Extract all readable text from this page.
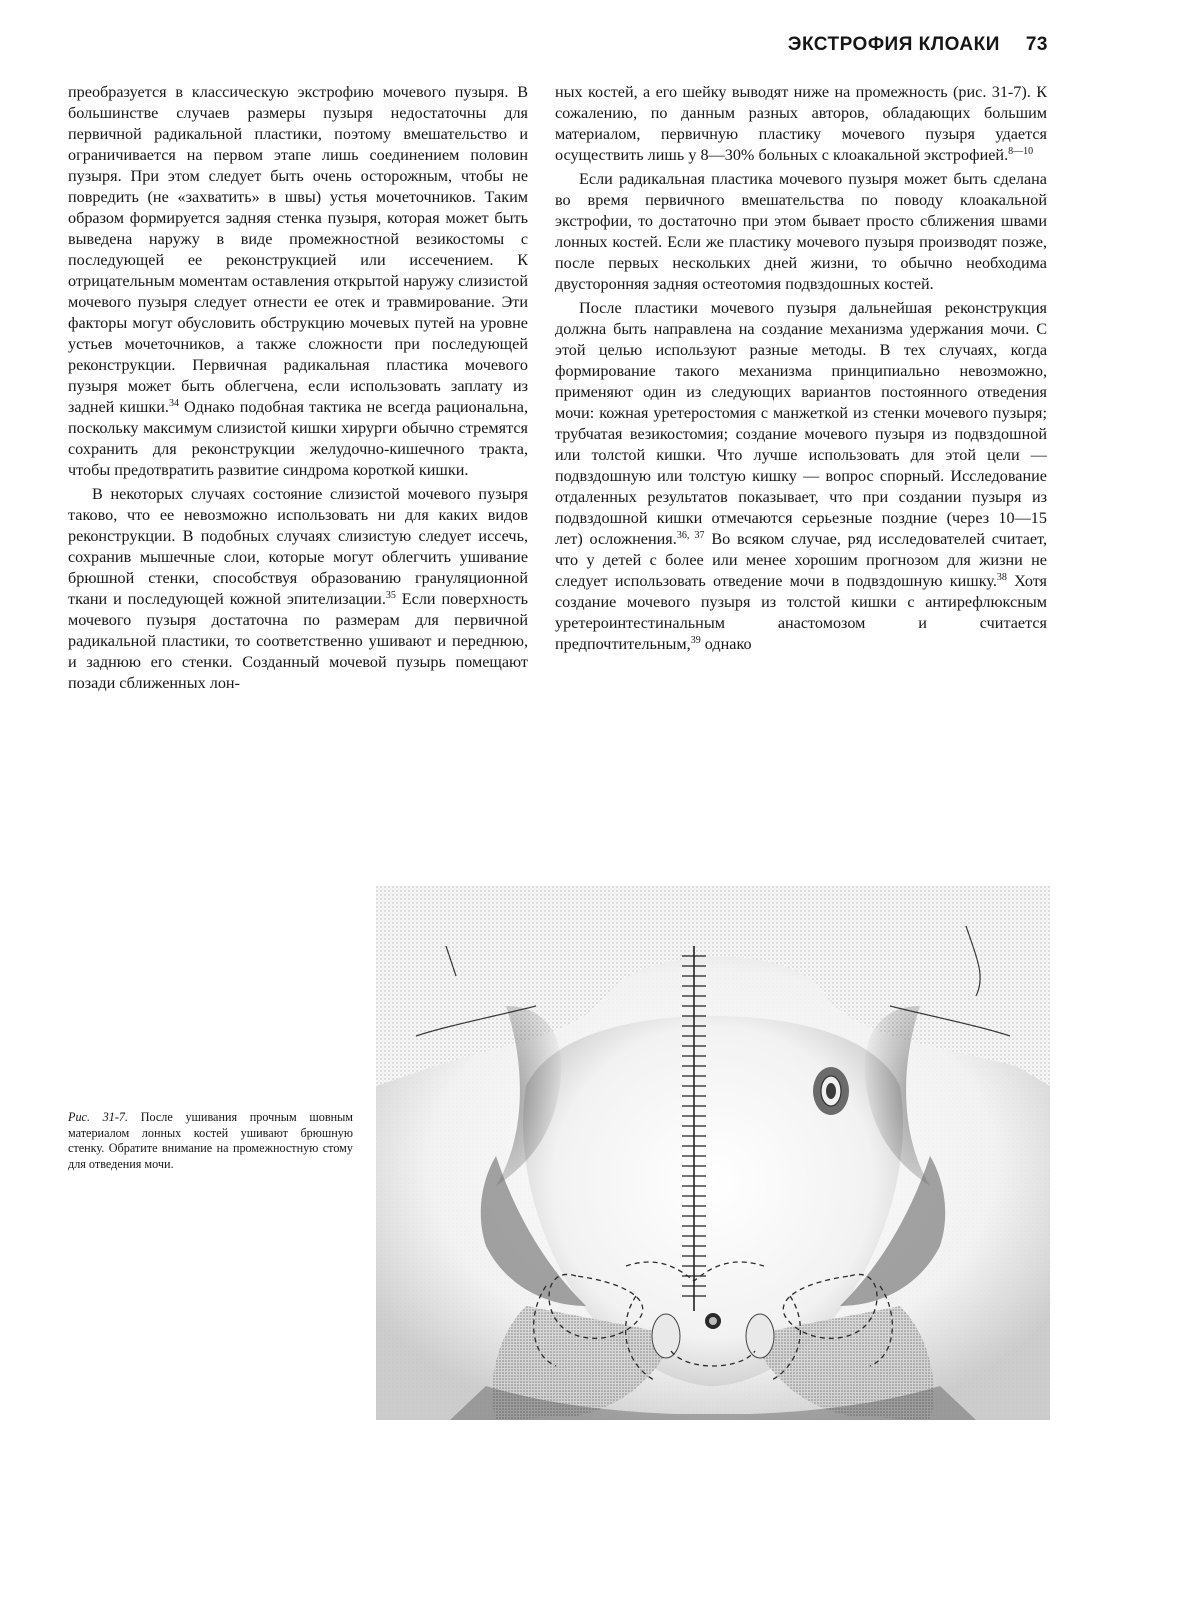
ЭКСТРОФИЯ КЛОАКИ 73

преобразуется в классическую экстрофию мочевого пузыря. В большинстве случаев размеры пузыря недостаточны для первичной радикальной пластики, поэтому вмешательство и ограничивается на первом этапе лишь соединением половин пузыря. При этом следует быть очень осторожным, чтобы не повредить (не «захватить» в швы) устья мочеточников. Таким образом формируется задняя стенка пузыря, которая может быть выведена наружу в виде промежностной везикостомы с последующей ее реконструкцией или иссечением. К отрицательным моментам оставления открытой наружу слизистой мочевого пузыря следует отнести ее отек и травмирование. Эти факторы могут обусловить обструкцию мочевых путей на уровне устьев мочеточников, а также сложности при последующей реконструкции. Первичная радикальная пластика мочевого пузыря может быть облегчена, если использовать заплату из задней кишки.$^{34}$ Однако подобная тактика не всегда рациональна, поскольку максимум слизистой кишки хирурги обычно стремятся сохранить для реконструкции желудочно-кишечного тракта, чтобы предотвратить развитие синдрома короткой кишки.

В некоторых случаях состояние слизистой мочевого пузыря таково, что ее невозможно использовать ни для каких видов реконструкции. В подобных случаях слизистую следует иссечь, сохранив мышечные слои, которые могут облегчить ушивание брюшной стенки, способствуя образованию грануляционной ткани и последующей кожной эпителизации.$^{35}$ Если поверхность мочевого пузыря достаточна по размерам для первичной радикальной пластики, то соответственно ушивают и переднюю, и заднюю его стенки. Созданный мочевой пузырь помещают позади сближенных лон-

ных костей, а его шейку выводят ниже на промежность (рис. 31-7). К сожалению, по данным разных авторов, обладающих большим материалом, первичную пластику мочевого пузыря удается осуществить лишь у 8—30% больных с клоакальной экстрофией.$^{8—10}$

Если радикальная пластика мочевого пузыря может быть сделана во время первичного вмешательства по поводу клоакальной экстрофии, то достаточно при этом бывает просто сближения швами лонных костей. Если же пластику мочевого пузыря производят позже, после первых нескольких дней жизни, то обычно необходима двусторонняя задняя остеотомия подвздошных костей.

После пластики мочевого пузыря дальнейшая реконструкция должна быть направлена на создание механизма удержания мочи. С этой целью используют разные методы. В тех случаях, когда формирование такого механизма принципиально невозможно, применяют один из следующих вариантов постоянного отведения мочи: кожная уретеростомия с манжеткой из стенки мочевого пузыря; трубчатая везикостомия; создание мочевого пузыря из подвздошной или толстой кишки. Что лучше использовать для этой цели — подвздошную или толстую кишку — вопрос спорный. Исследование отдаленных результатов показывает, что при создании пузыря из подвздошной кишки отмечаются серьезные поздние (через 10—15 лет) осложнения.$^{36, 37}$ Во всяком случае, ряд исследователей считает, что у детей с более или менее хорошим прогнозом для жизни не следует использовать отведение мочи в подвздошную кишку.$^{38}$ Хотя создание мочевого пузыря из толстой кишки с антирефлюксным уретероинтестинальным анастомозом и считается предпочтительным,$^{39}$ однако

Рис. 31-7. После ушивания прочным шовным материалом лонных костей ушивают брюшную стенку. Обратите внимание на промежностную стому для отведения мочи.
